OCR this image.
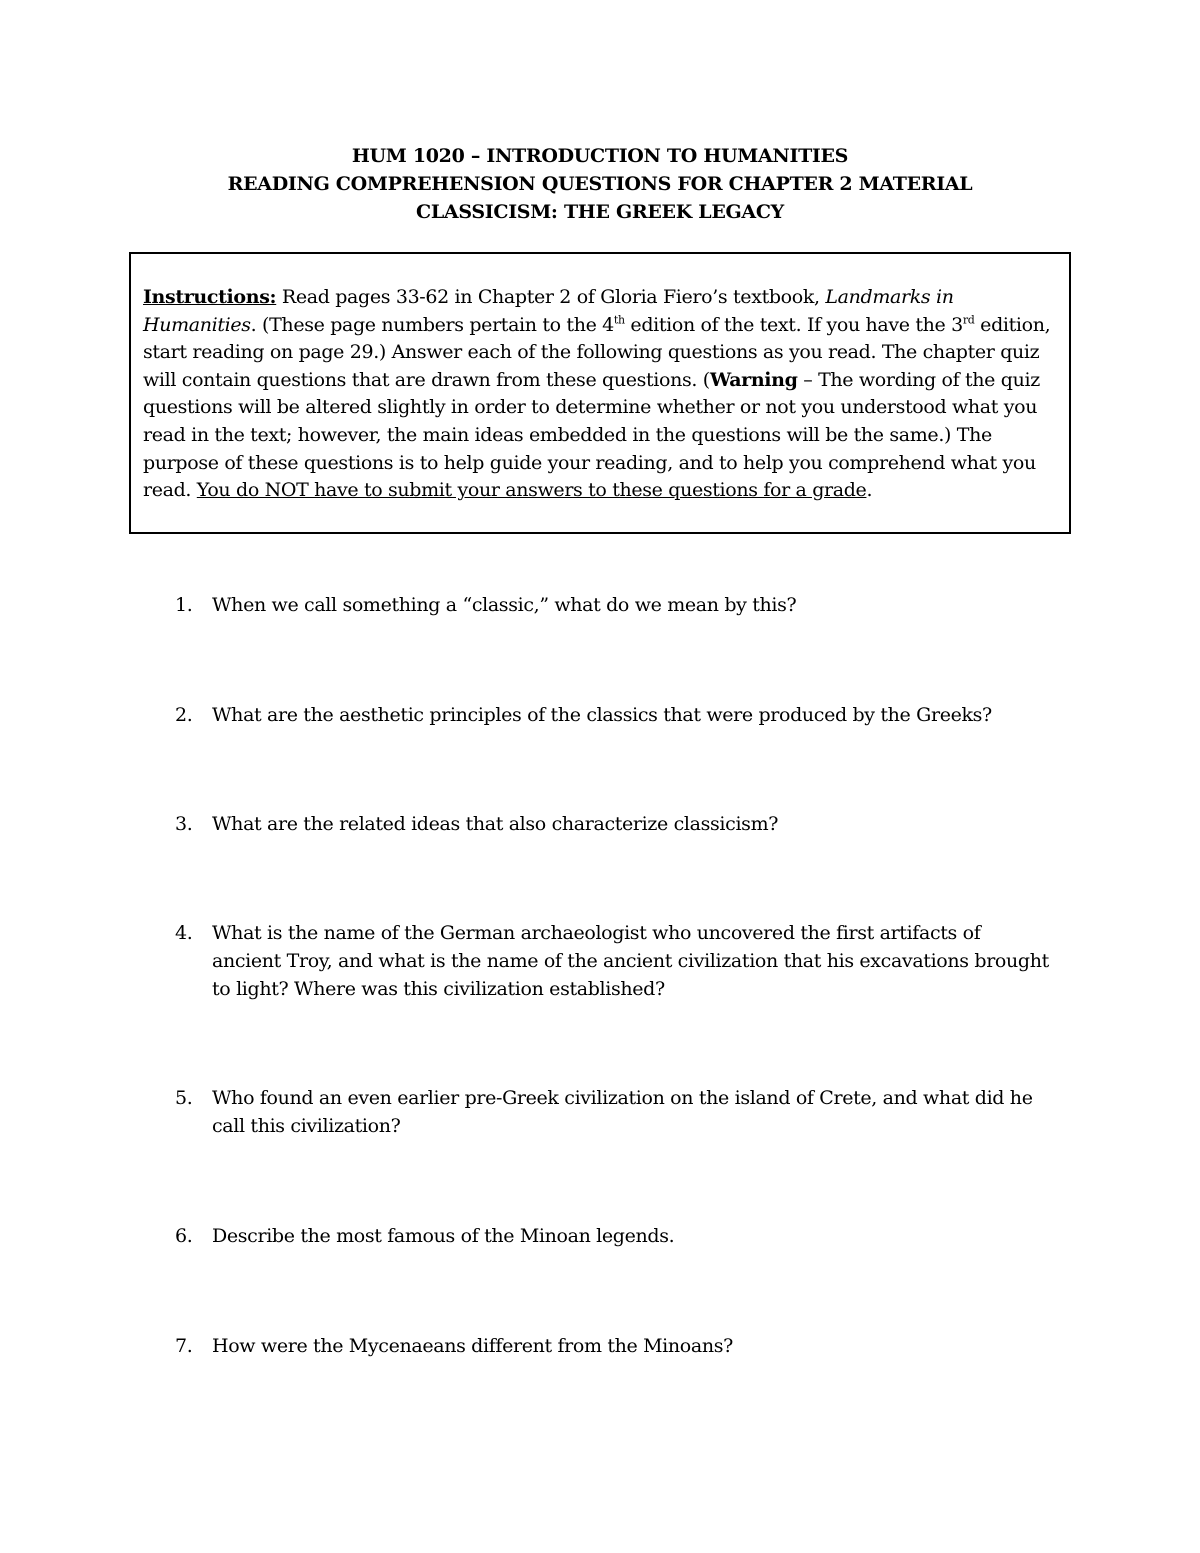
HUM 1020 – INTRODUCTION TO HUMANITIES
READING COMPREHENSION QUESTIONS FOR CHAPTER 2 MATERIAL
CLASSICISM: THE GREEK LEGACY
Instructions: Read pages 33-62 in Chapter 2 of Gloria Fiero’s textbook, Landmarks in Humanities. (These page numbers pertain to the 4th edition of the text. If you have the 3rd edition, start reading on page 29.) Answer each of the following questions as you read. The chapter quiz will contain questions that are drawn from these questions. (Warning – The wording of the quiz questions will be altered slightly in order to determine whether or not you understood what you read in the text; however, the main ideas embedded in the questions will be the same.) The purpose of these questions is to help guide your reading, and to help you comprehend what you read. You do NOT have to submit your answers to these questions for a grade.
1.	When we call something a “classic,” what do we mean by this?
2.	What are the aesthetic principles of the classics that were produced by the Greeks?
3.	What are the related ideas that also characterize classicism?
4.	What is the name of the German archaeologist who uncovered the first artifacts of ancient Troy, and what is the name of the ancient civilization that his excavations brought to light? Where was this civilization established?
5.	Who found an even earlier pre-Greek civilization on the island of Crete, and what did he call this civilization?
6.	Describe the most famous of the Minoan legends.
7.	How were the Mycenaeans different from the Minoans?
